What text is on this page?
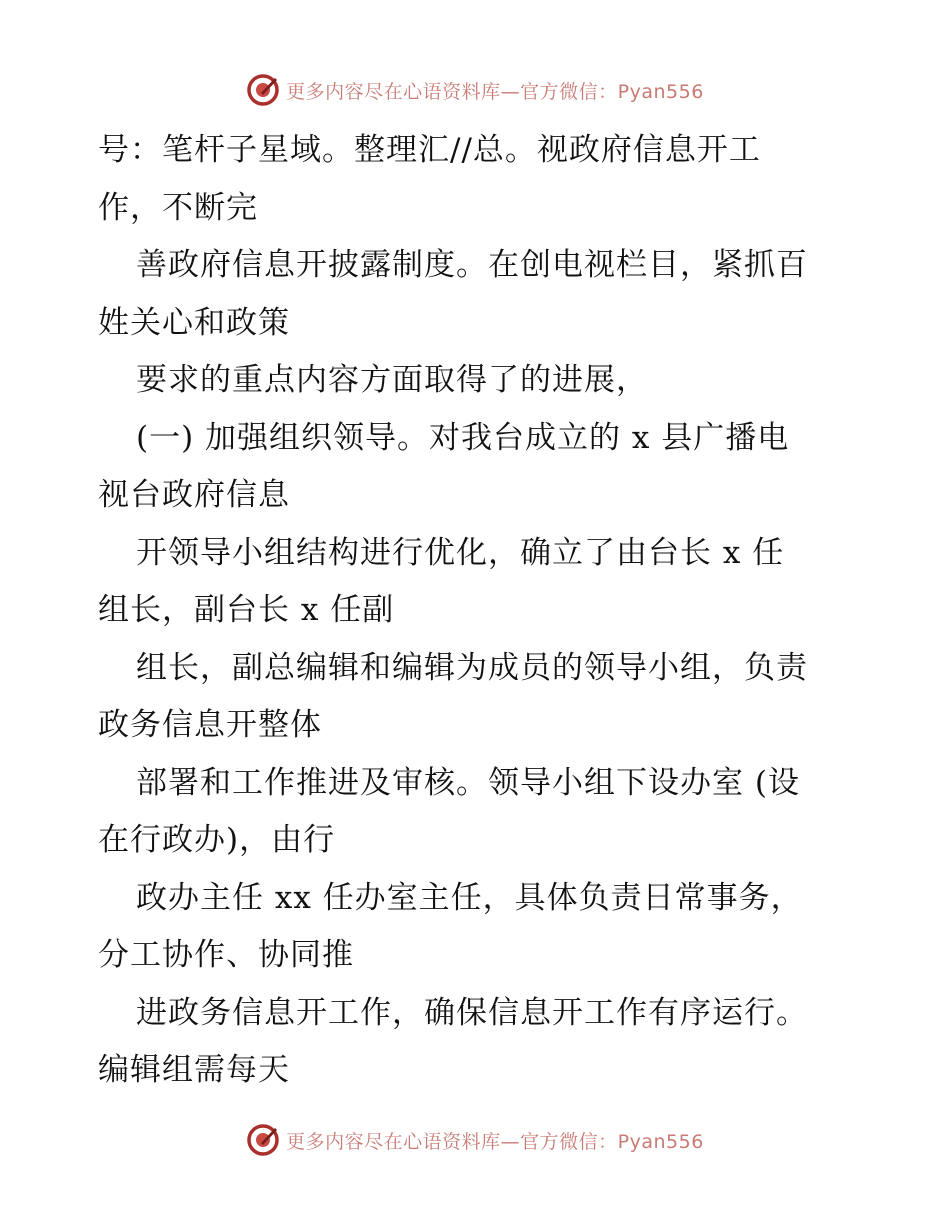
更多内容尽在心语资料库—官方微信：Pyan556
号：笔杆子星域。整理汇//总。视政府信息开工
作，不断完
善政府信息开披露制度。在创电视栏目，紧抓百
姓关心和政策
要求的重点内容方面取得了的进展，
(一) 加强组织领导。对我台成立的 x 县广播电
视台政府信息
开领导小组结构进行优化，确立了由台长 x 任
组长，副台长 x 任副
组长，副总编辑和编辑为成员的领导小组，负责
政务信息开整体
部署和工作推进及审核。领导小组下设办室 (设
在行政办)，由行
政办主任 xx 任办室主任，具体负责日常事务，
分工协作、协同推
进政务信息开工作，确保信息开工作有序运行。
编辑组需每天
更多内容尽在心语资料库—官方微信：Pyan556
